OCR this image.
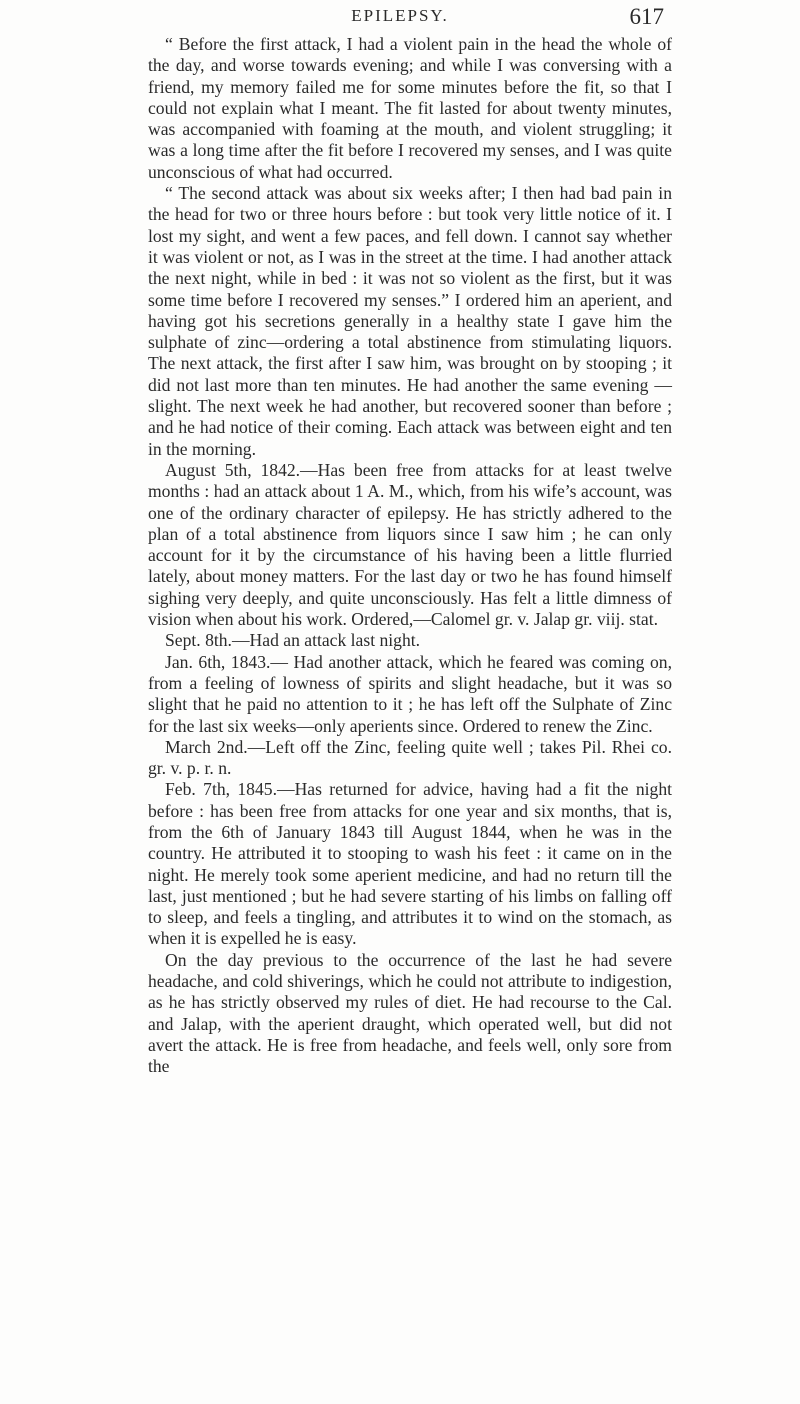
EPILEPSY.	617

“ Before the first attack, I had a violent pain in the head the whole of the day, and worse towards evening; and while I was conversing with a friend, my memory failed me for some minutes before the fit, so that I could not explain what I meant. The fit lasted for about twenty minutes, was accompanied with foaming at the mouth, and violent struggling; it was a long time after the fit before I recovered my senses, and I was quite unconscious of what had occurred.

“ The second attack was about six weeks after; I then had bad pain in the head for two or three hours before : but took very little notice of it. I lost my sight, and went a few paces, and fell down. I cannot say whether it was violent or not, as I was in the street at the time. I had another attack the next night, while in bed : it was not so violent as the first, but it was some time before I recovered my senses.” I ordered him an aperient, and having got his secretions generally in a healthy state I gave him the sulphate of zinc—ordering a total abstinence from stimulating liquors. The next attack, the first after I saw him, was brought on by stooping ; it did not last more than ten minutes. He had another the same evening —slight. The next week he had another, but recovered sooner than before ; and he had notice of their coming. Each attack was between eight and ten in the morning.

August 5th, 1842.—Has been free from attacks for at least twelve months : had an attack about 1 A. M., which, from his wife’s account, was one of the ordinary character of epilepsy. He has strictly adhered to the plan of a total abstinence from liquors since I saw him ; he can only account for it by the circumstance of his having been a little flurried lately, about money matters. For the last day or two he has found himself sighing very deeply, and quite unconsciously. Has felt a little dimness of vision when about his work. Ordered,—Calomel gr. v. Jalap gr. viij. stat.

Sept. 8th.—Had an attack last night.

Jan. 6th, 1843.— Had another attack, which he feared was coming on, from a feeling of lowness of spirits and slight headache, but it was so slight that he paid no attention to it ; he has left off the Sulphate of Zinc for the last six weeks—only aperients since. Ordered to renew the Zinc.

March 2nd.—Left off the Zinc, feeling quite well ; takes Pil. Rhei co. gr. v. p. r. n.

Feb. 7th, 1845.—Has returned for advice, having had a fit the night before : has been free from attacks for one year and six months, that is, from the 6th of January 1843 till August 1844, when he was in the country. He attributed it to stooping to wash his feet : it came on in the night. He merely took some aperient medicine, and had no return till the last, just mentioned ; but he had severe starting of his limbs on falling off to sleep, and feels a tingling, and attributes it to wind on the stomach, as when it is expelled he is easy.

On the day previous to the occurrence of the last he had severe headache, and cold shiverings, which he could not attribute to indigestion, as he has strictly observed my rules of diet. He had recourse to the Cal. and Jalap, with the aperient draught, which operated well, but did not avert the attack. He is free from headache, and feels well, only sore from the
